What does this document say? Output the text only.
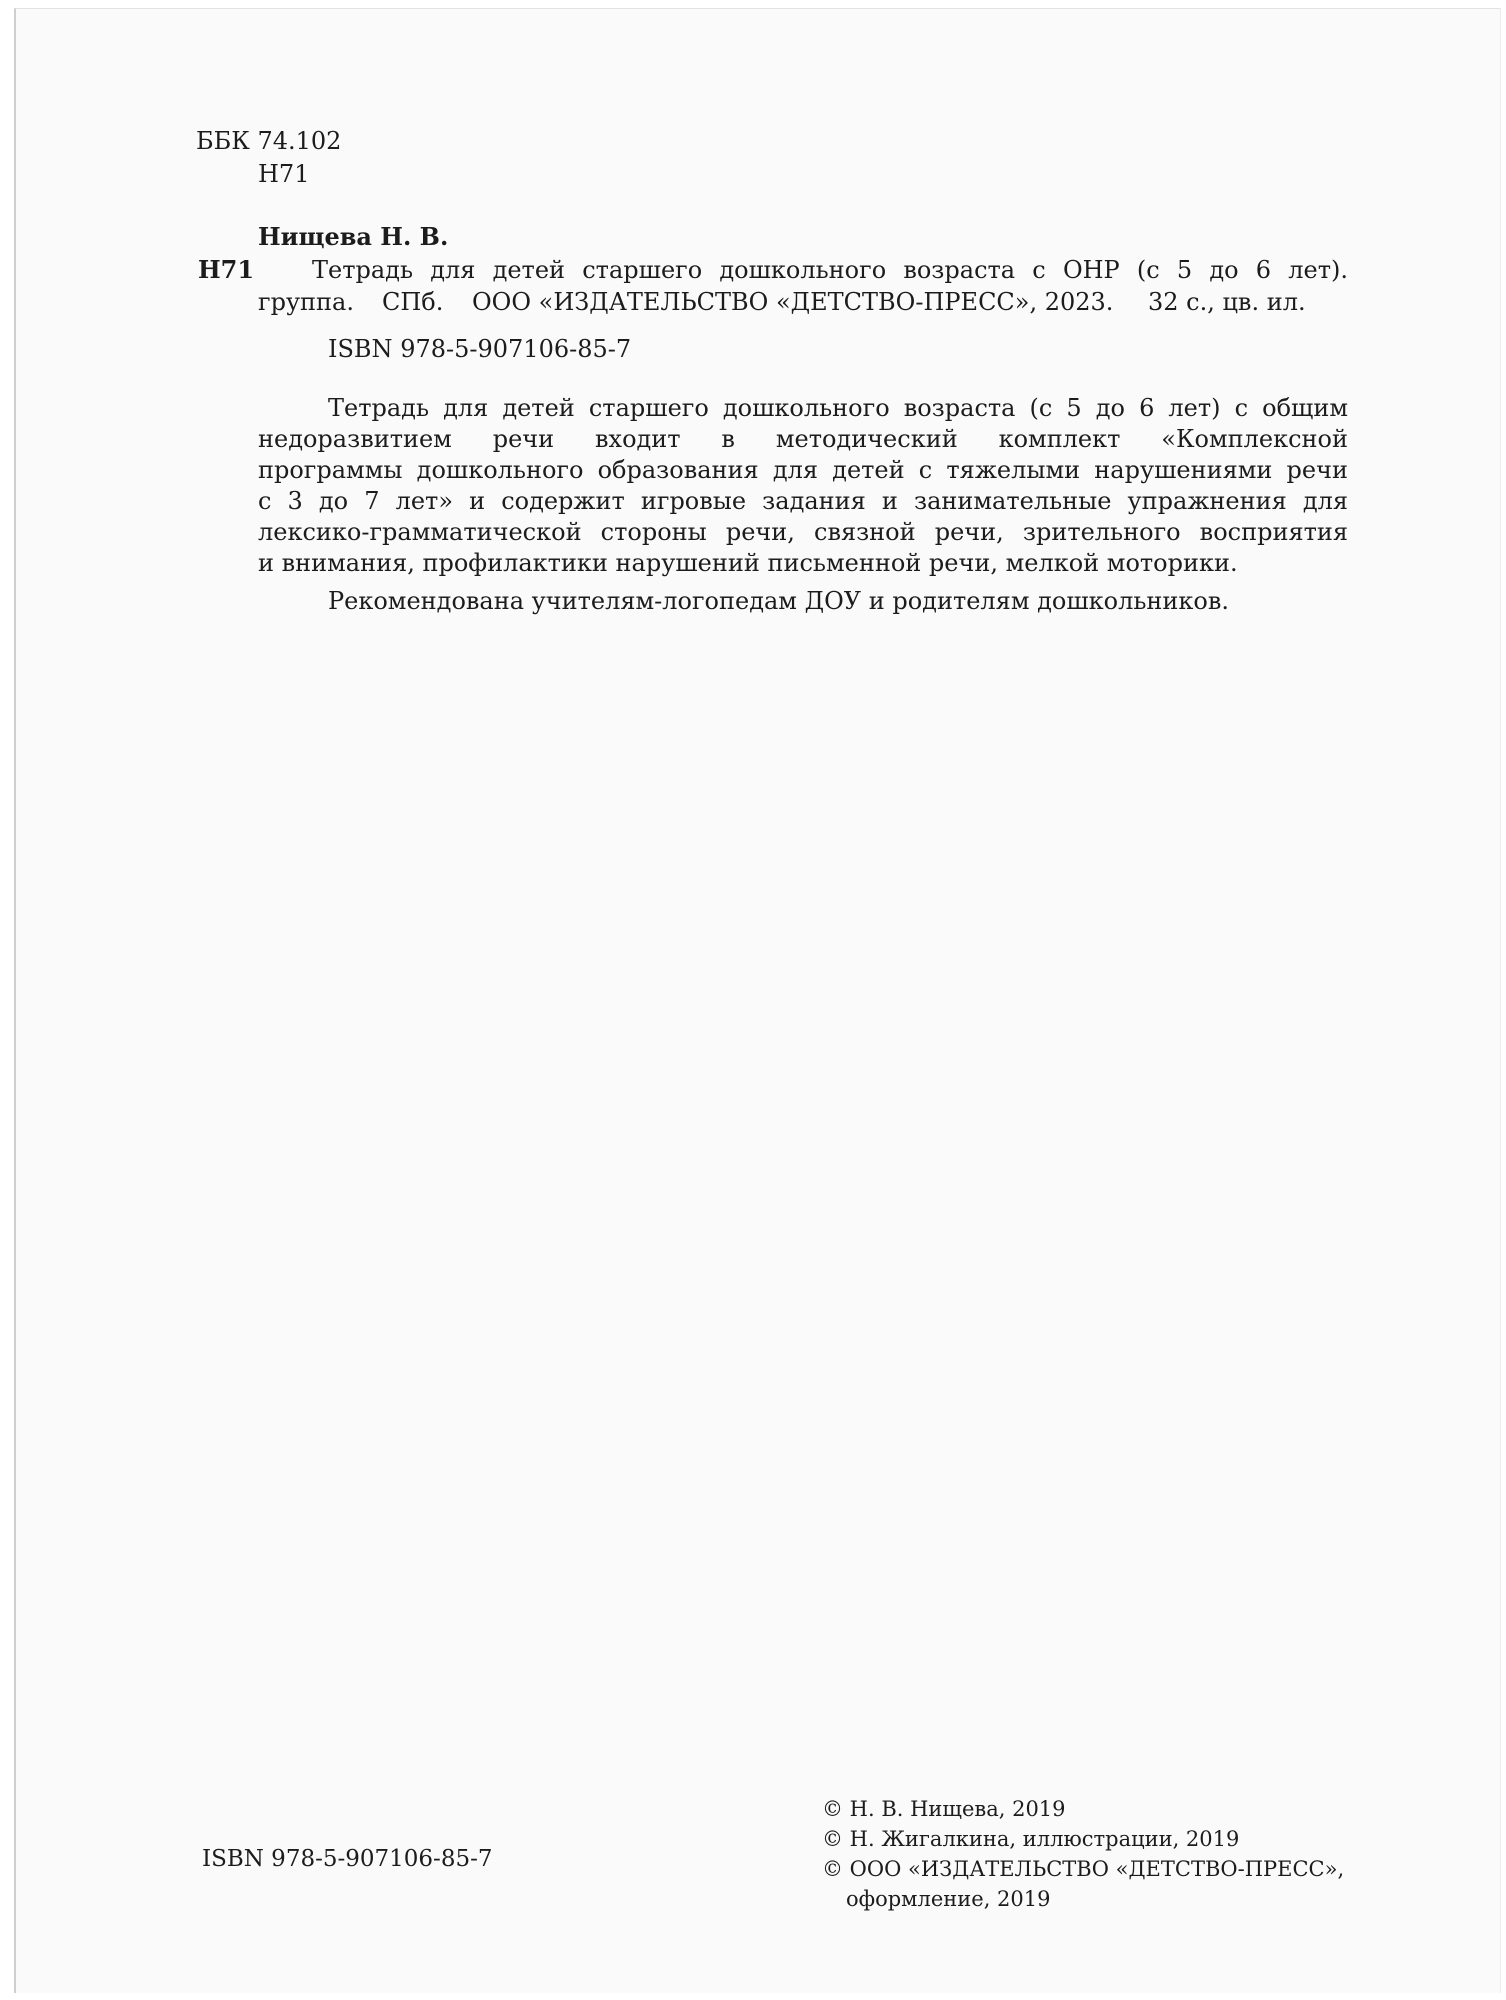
ББК 74.102
Н71
Нищева Н. В.
Н71 Тетрадь для детей старшего дошкольного возраста с ОНР (с 5 до 6 лет).
группа. СПб. ООО «ИЗДАТЕЛЬСТВО «ДЕТСТВО-ПРЕСС», 2023. 32 с., цв. ил.
ISBN 978-5-907106-85-7
Тетрадь для детей старшего дошкольного возраста (с 5 до 6 лет) с общим
недоразвитием речи входит в методический комплект «Комплексной
программы дошкольного образования для детей с тяжелыми нарушениями речи
с 3 до 7 лет» и содержит игровые задания и занимательные упражнения для
лексико-грамматической стороны речи, связной речи, зрительного восприятия
и внимания, профилактики нарушений письменной речи, мелкой моторики.
Рекомендована учителям-логопедам ДОУ и родителям дошкольников.
ISBN 978-5-907106-85-7
© Н. В. Нищева, 2019
© Н. Жигалкина, иллюстрации, 2019
© ООО «ИЗДАТЕЛЬСТВО «ДЕТСТВО-ПРЕСС»,
оформление, 2019
